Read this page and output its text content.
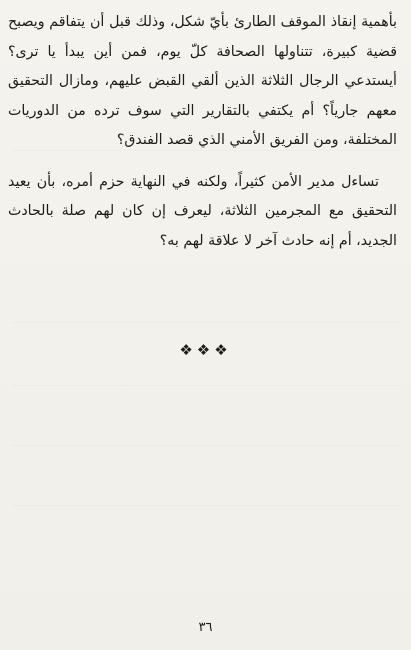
بأهمية إنقاذ الموقف الطارئ بأيّ شكل، وذلك قبل أن يتفاقم ويصبح قضية كبيرة، تتناولها الصحافة كلّ يوم، فمن أين يبدأ يا ترى؟ أيستدعي الرجال الثلاثة الذين ألقي القبض عليهم، ومازال التحقيق معهم جارياً؟ أم يكتفي بالتقارير التي سوف ترده من الدوريات المختلفة، ومن الفريق الأمني الذي قصد الفندق؟

تساءل مدير الأمن كثيراً، ولكنه في النهاية حزم أمره، بأن يعيد التحقيق مع المجرمين الثلاثة، ليعرف إن كان لهم صلة بالحادث الجديد، أم إنه حادث آخر لا علاقة لهم به؟

❖❖❖
٣٦
